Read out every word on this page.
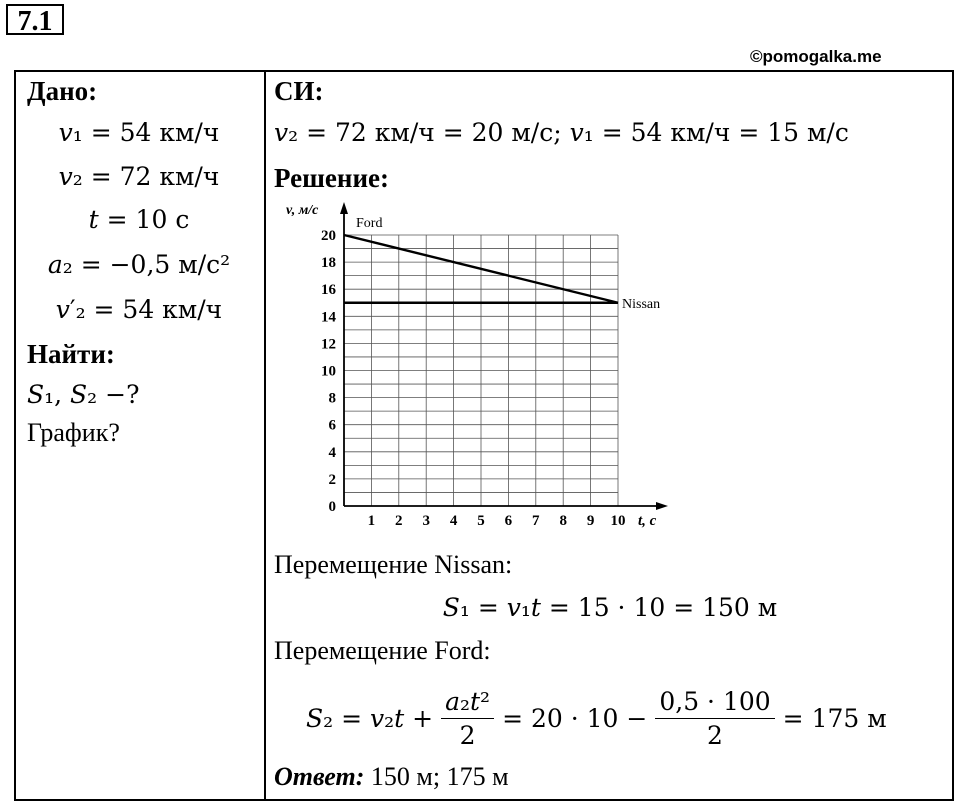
7.1
©pomogalka.me
Дано:
𝑣₁ = 54 км/ч
𝑣₂ = 72 км/ч
𝑡 = 10 с
𝑎₂ = −0,5 м/с²
𝑣′₂ = 54 км/ч
Найти:
𝑆₁, 𝑆₂ −?
График?
СИ:
𝑣₂ = 72 км/ч = 20 м/с; 𝑣₁ = 54 км/ч = 15 м/с
Решение:
0
2
4
6
8
10
12
14
16
18
20
1 2 3 4 5 6 7 8 9 10
v, м/с
t, с
Ford
Nissan
Перемещение Nissan:
𝑆₁ = 𝑣₁𝑡 = 15 · 10 = 150 м
Перемещение Ford:
𝑆₂ = 𝑣₂𝑡 +
𝑎₂𝑡²
2
= $20 \cdot 10 - \frac{0,5 \cdot 100}{2} = 175$ м
Ответ: 150 м; 175 м
